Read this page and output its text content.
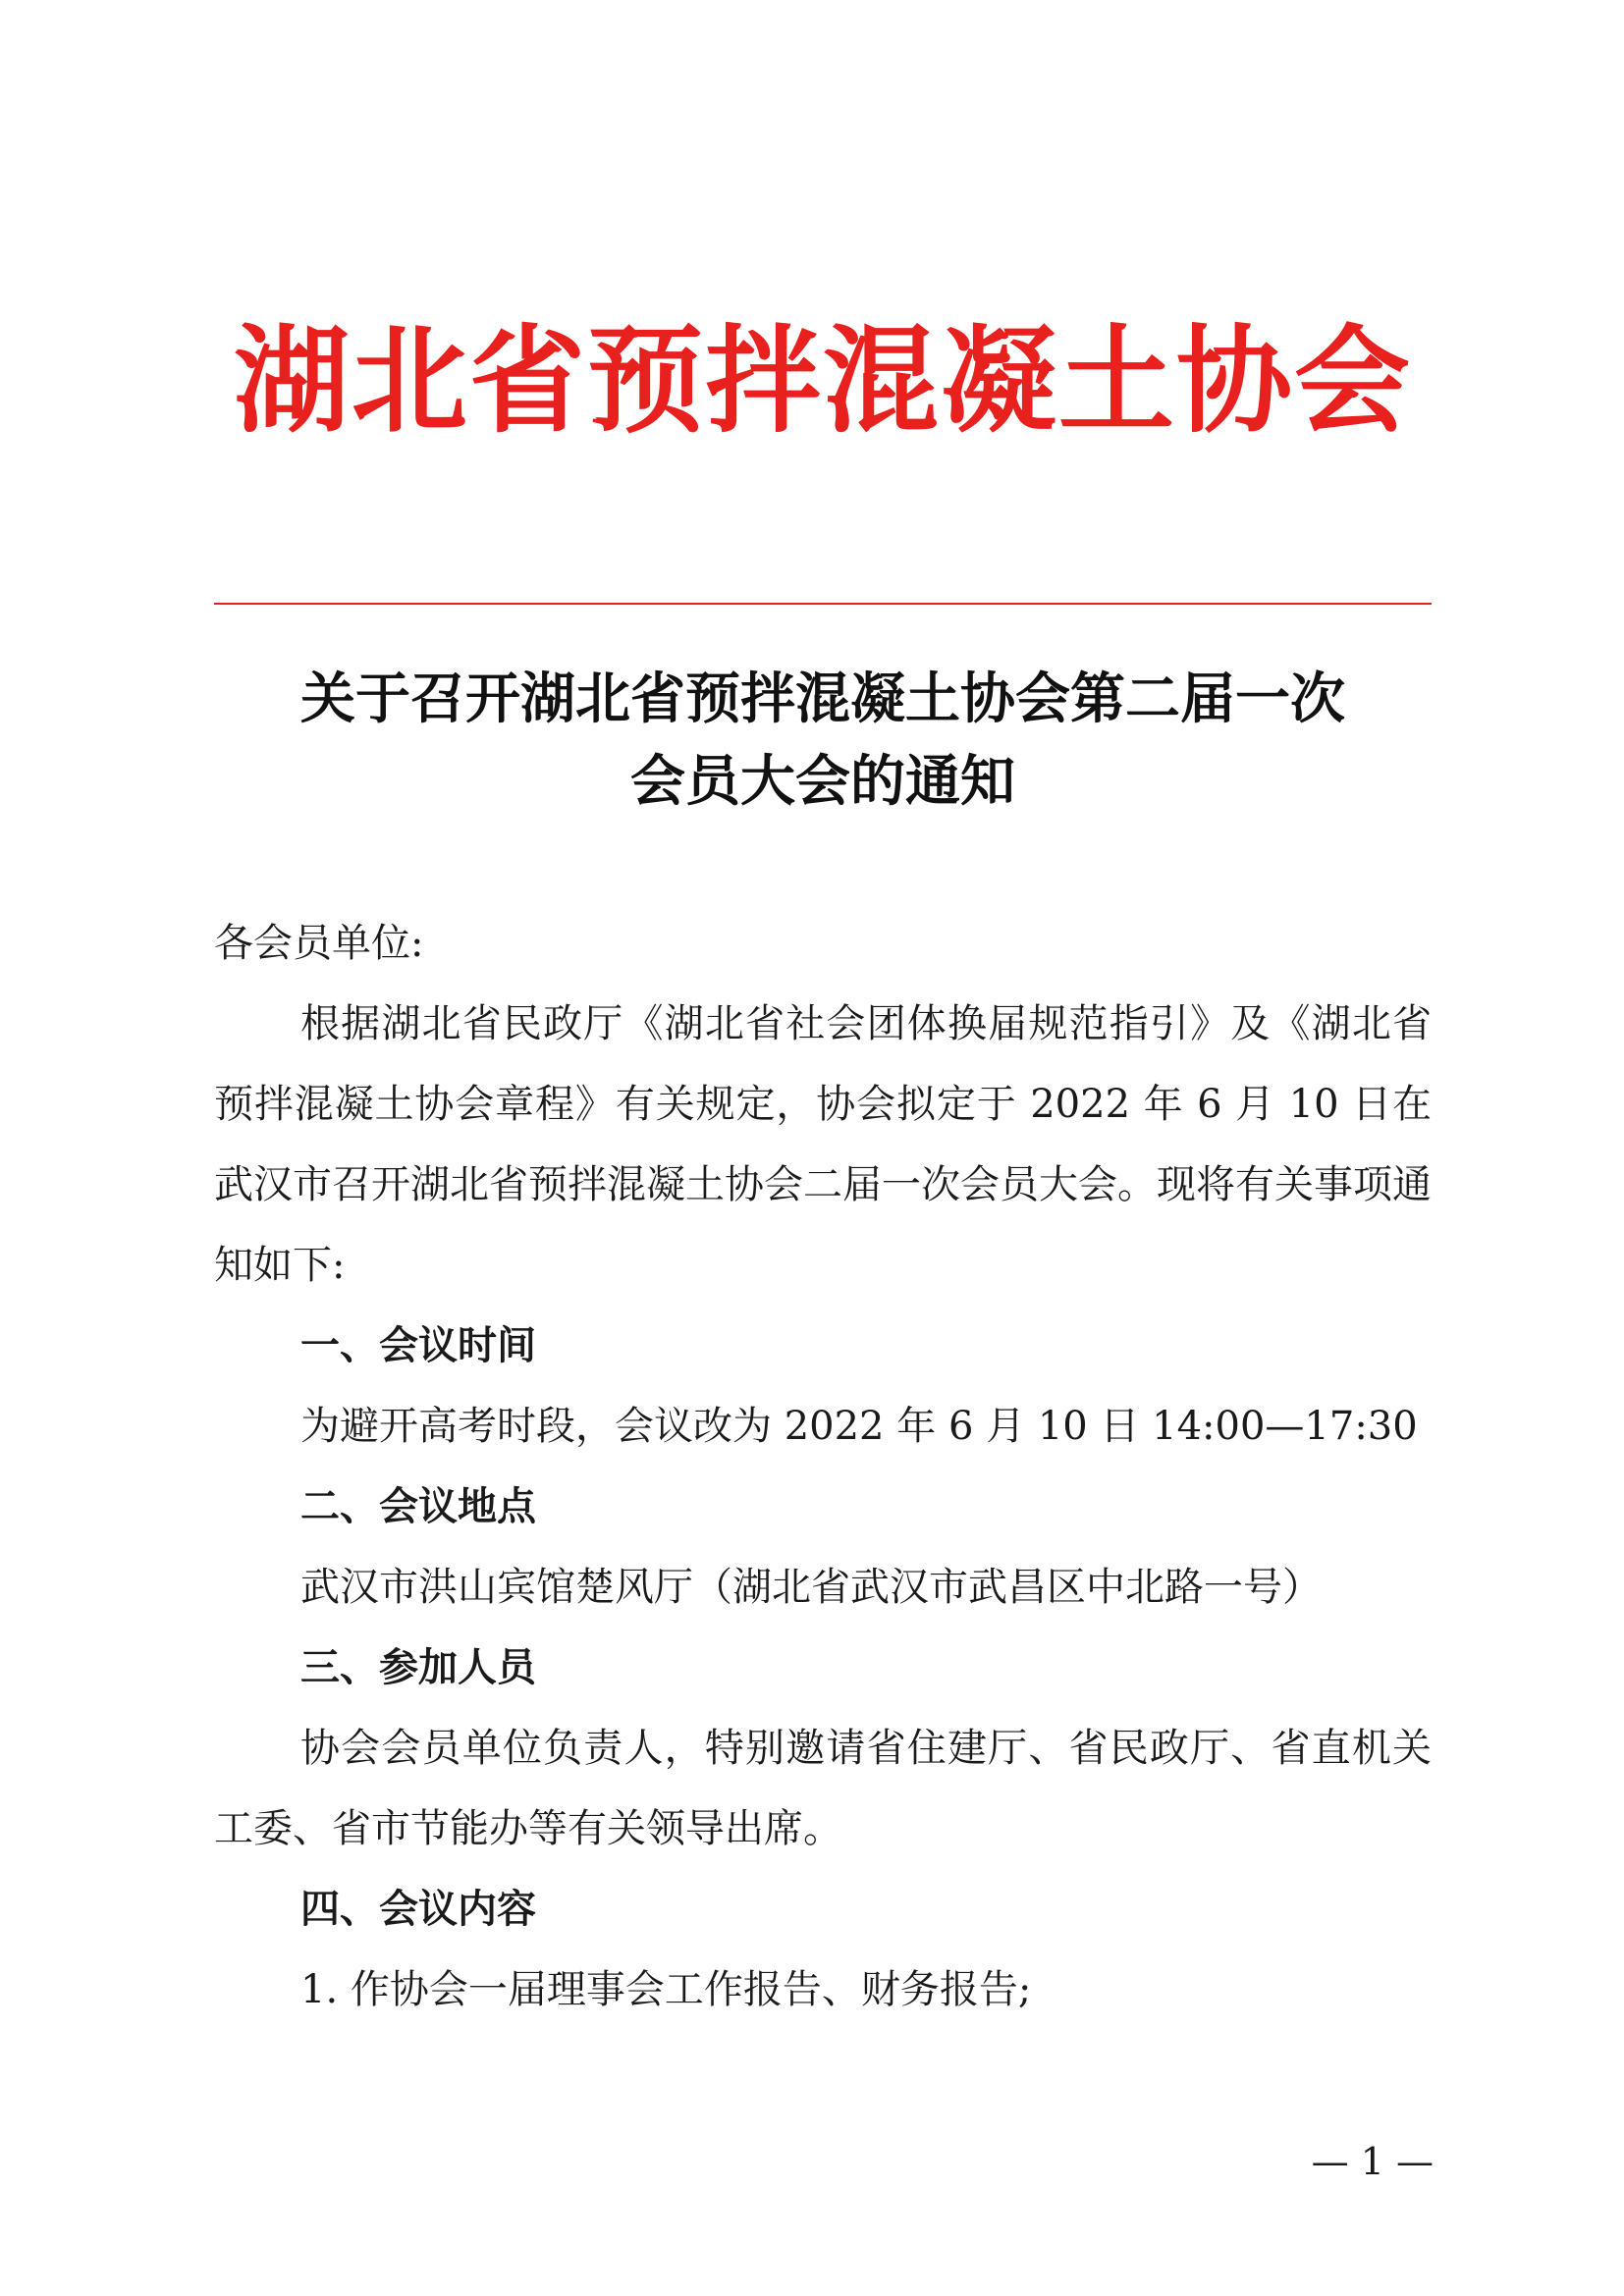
湖北省预拌混凝土协会
关于召开湖北省预拌混凝土协会第二届一次
会员大会的通知

各会员单位:

根据湖北省民政厅《湖北省社会团体换届规范指引》及《湖北省预拌混凝土协会章程》有关规定，协会拟定于 2022 年 6 月 10 日在武汉市召开湖北省预拌混凝土协会二届一次会员大会。现将有关事项通知如下:

一、会议时间

为避开高考时段，会议改为 2022 年 6 月 10 日 14:00—17:30

二、会议地点

武汉市洪山宾馆楚风厅（湖北省武汉市武昌区中北路一号）

三、参加人员

协会会员单位负责人，特别邀请省住建厅、省民政厅、省直机关工委、省市节能办等有关领导出席。

四、会议内容

1. 作协会一届理事会工作报告、财务报告;

— 1 —
